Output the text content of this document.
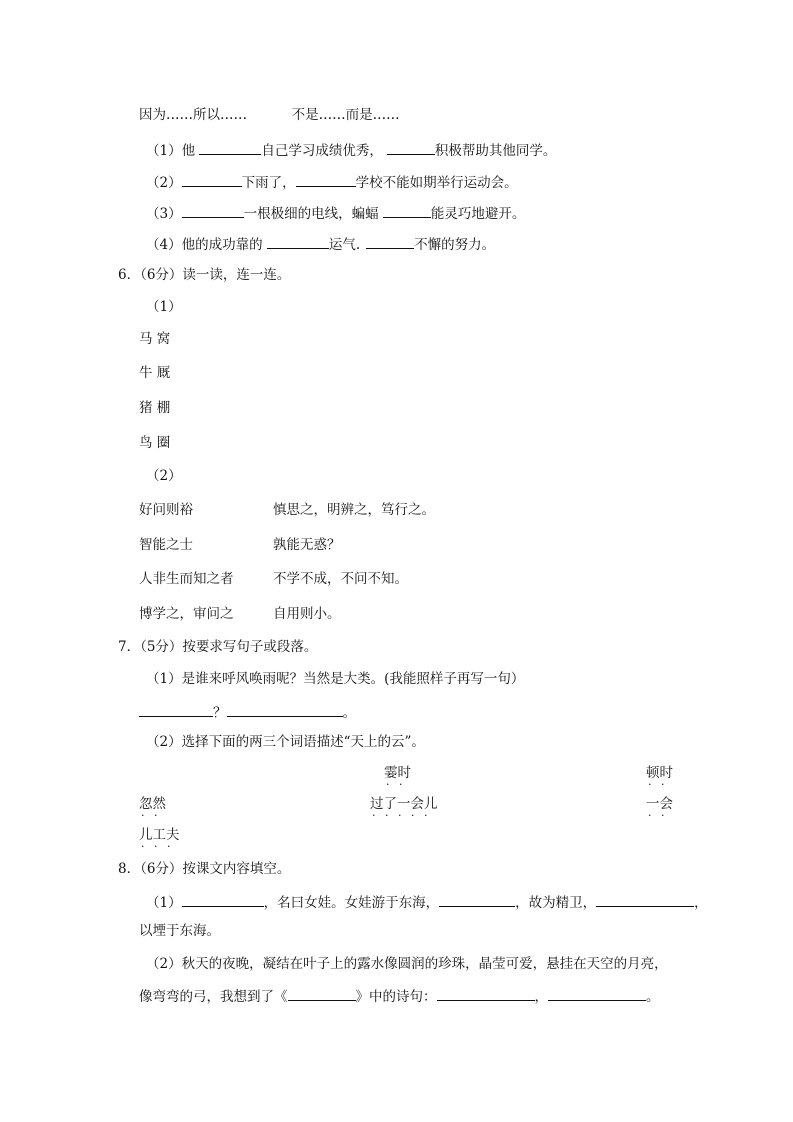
因为……所以……	不是……而是……
（1）他	自己学习成绩优秀，	积极帮助其他同学。
（2）	下雨了，	学校不能如期举行运动会。
（3）	一根极细的电线，蝙蝠	能灵巧地避开。
（4）他的成功靠的	运气.	不懈的努力。
6．（6分）读一读，连一连。
（1）
马 窝
牛 厩
猪 棚
鸟 圈
（2）
好问则裕	慎思之，明辨之，笃行之。
智能之士	孰能无惑？
人非生而知之者	不学不成，不问不知。
博学之，审问之	自用则小。
7．（5分）按要求写句子或段落。
（1）是谁来呼风唤雨呢？当然是大类。(我能照样子再写一句）
？	。
（2）选择下面的两三个词语描述“天上的云”。
霎时 · ·	顿时 · ·
忽然 · ·	过了一会儿 · · ·	一会 · ·
儿工夫 · · ·
8．（6分）按课文内容填空。
（1）	，名曰女娃。女娃游于东海，	，故为精卫，	，
以堙于东海。
（2）秋天的夜晚，凝结在叶子上的露水像圆润的珍珠，晶莹可爱，悬挂在天空的月亮，
像弯弯的弓，我想到了《	》中的诗句：	，	。
